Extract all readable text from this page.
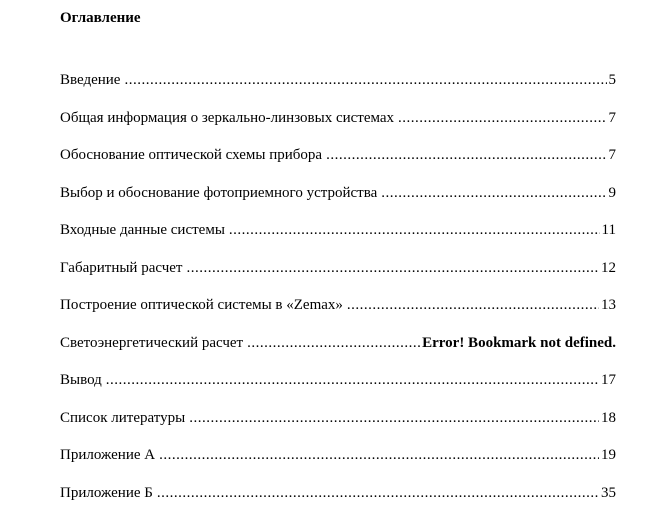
Оглавление
Введение .....	5
Общая информация о зеркально-линзовых системах .....	7
Обоснование оптической схемы прибора .....	7
Выбор и обоснование фотоприемного устройства .....	9
Входные данные системы .....	11
Габаритный расчет .....	12
Построение оптической системы в «Zemax» .....	13
Светоэнергетический расчет .....	Error! Bookmark not defined.
Вывод .....	17
Список литературы .....	18
Приложение А .....	19
Приложение Б .....	35
